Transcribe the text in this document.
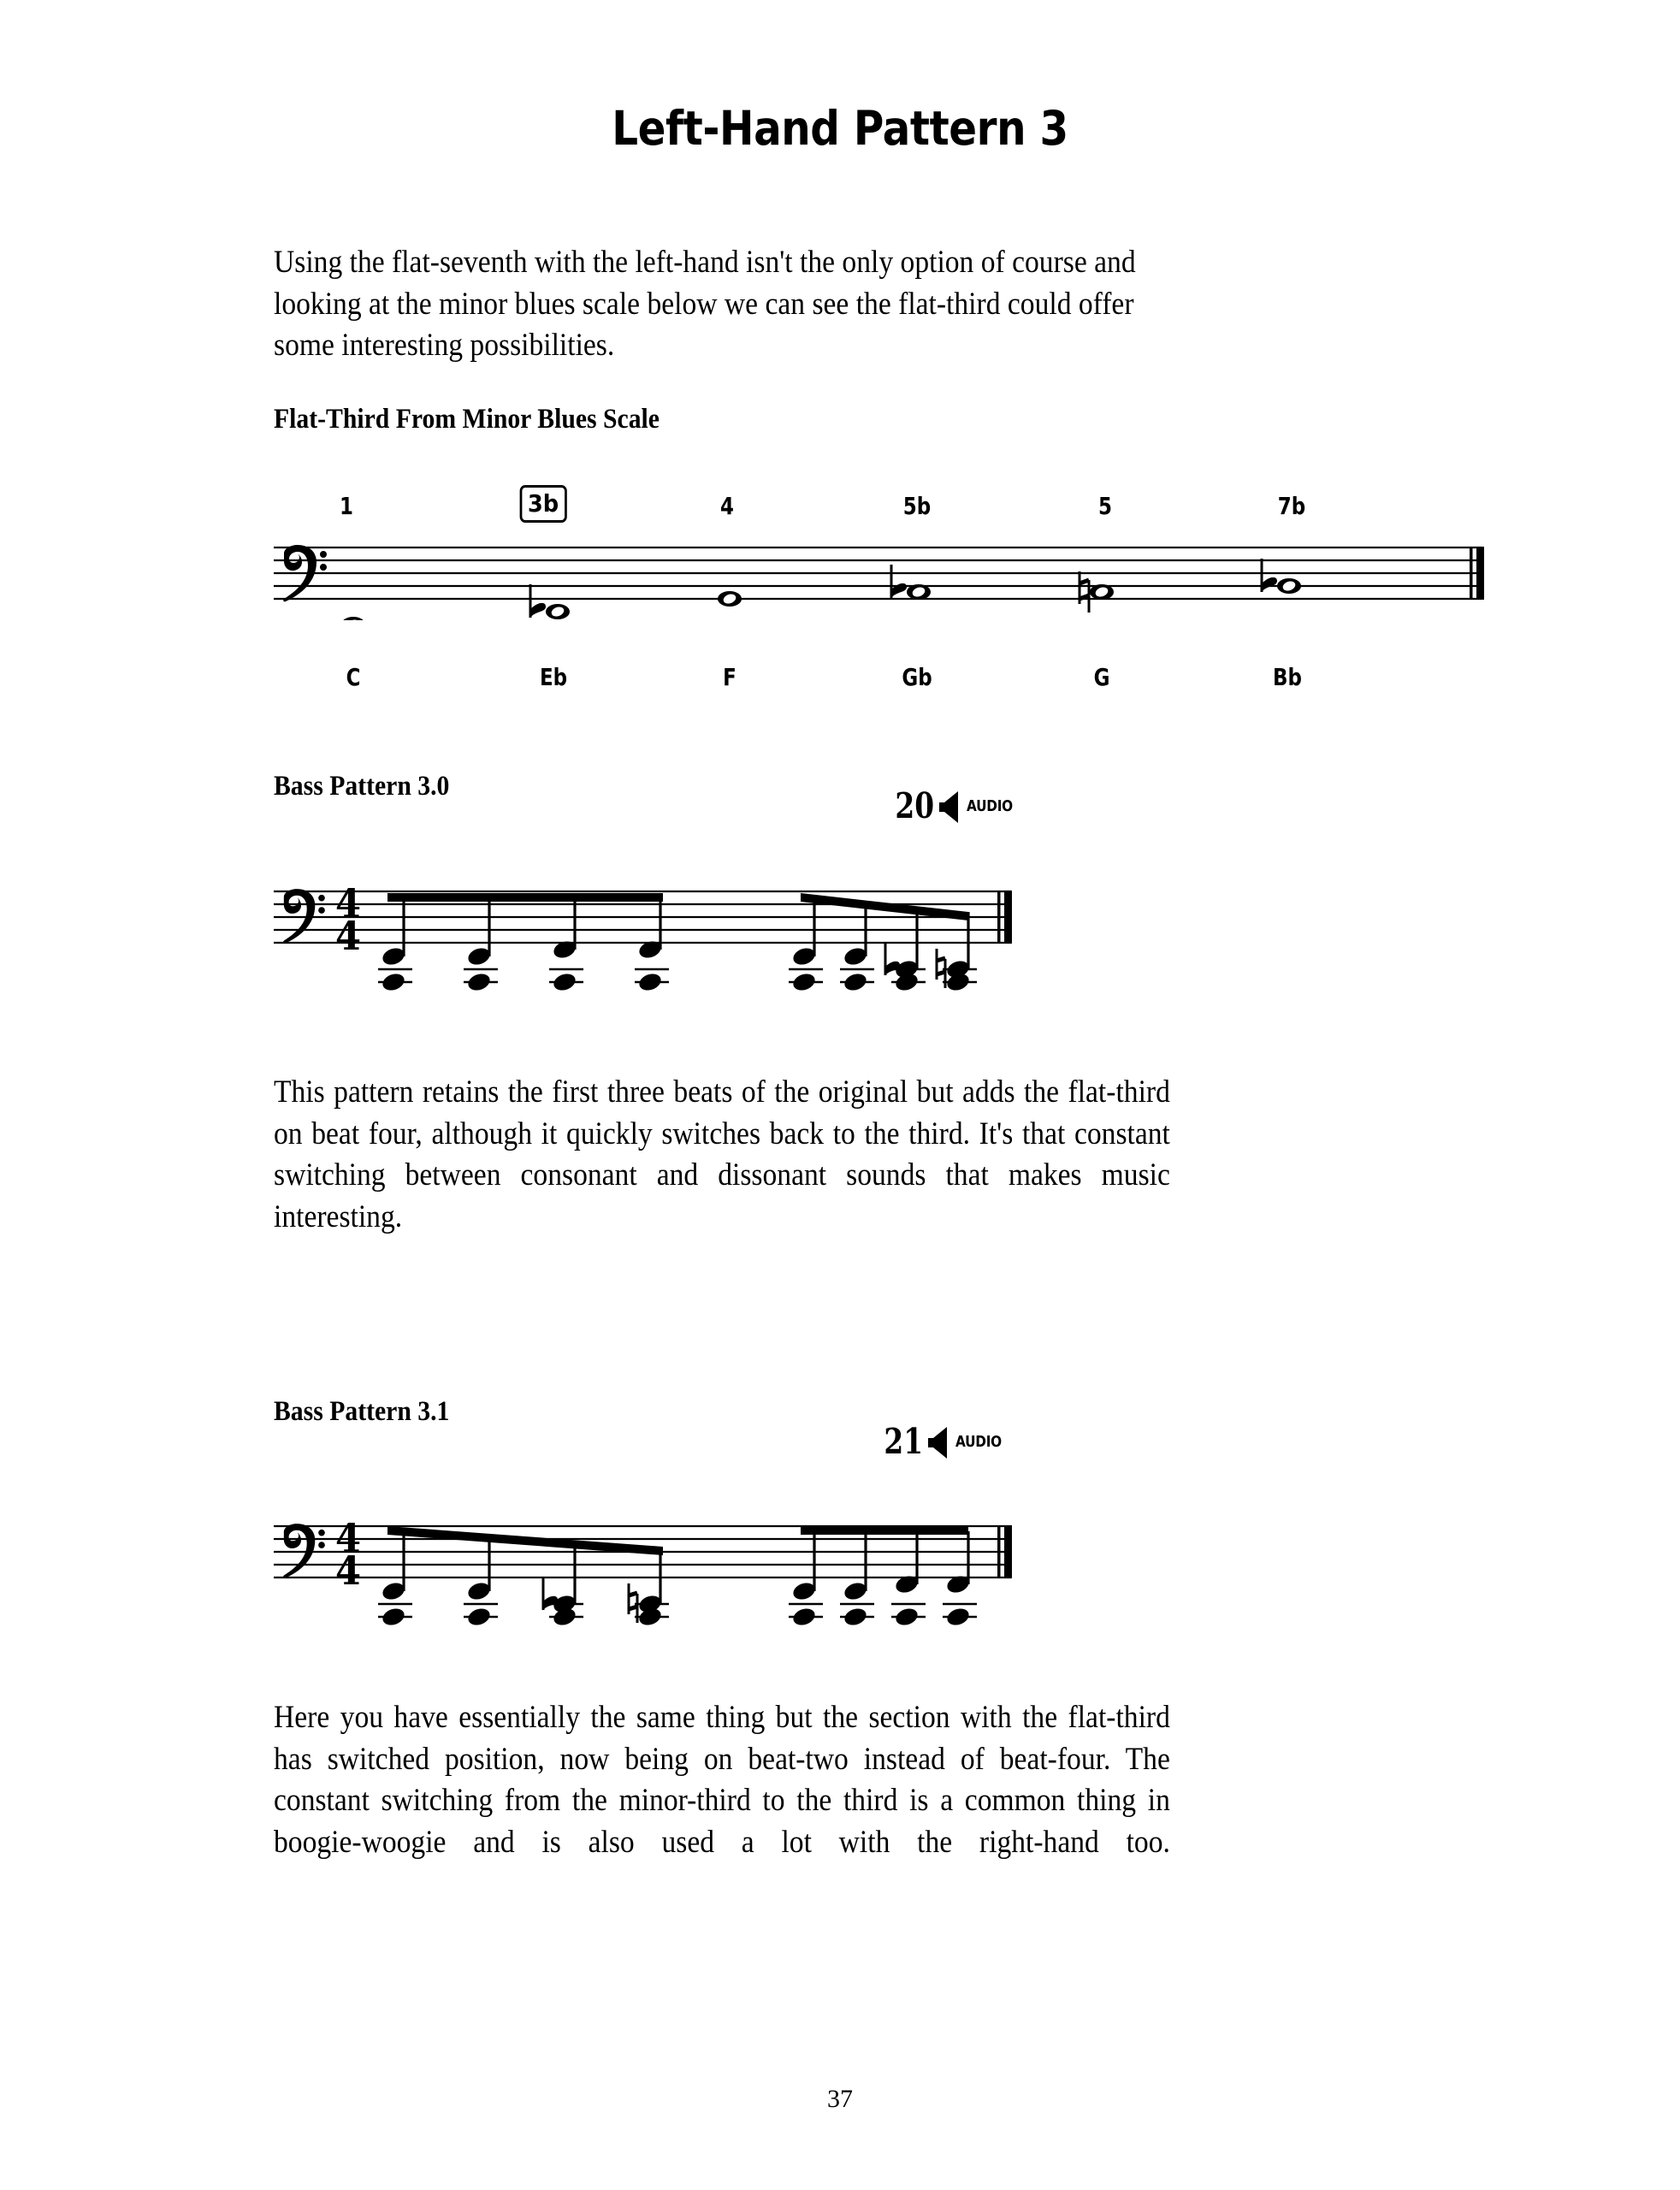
Left-Hand Pattern 3

Using the flat-seventh with the left-hand isn't the only option of course and looking at the minor blues scale below we can see the flat-third could offer some interesting possibilities.

Flat-Third From Minor Blues Scale
1	3b	4	5b	5	7b
C	Eb	F	Gb	G	Bb
Bass Pattern 3.0	20 AUDIO
4
4

This pattern retains the first three beats of the original but adds the flat-third on beat four, although it quickly switches back to the third. It's that constant switching between consonant and dissonant sounds that makes music interesting.

Bass Pattern 3.1
21 AUDIO
4
4

Here you have essentially the same thing but the section with the flat-third has switched position, now being on beat-two instead of beat-four. The constant switching from the minor-third to the third is a common thing in boogie-woogie and is also used a lot with the right-hand too.

37
